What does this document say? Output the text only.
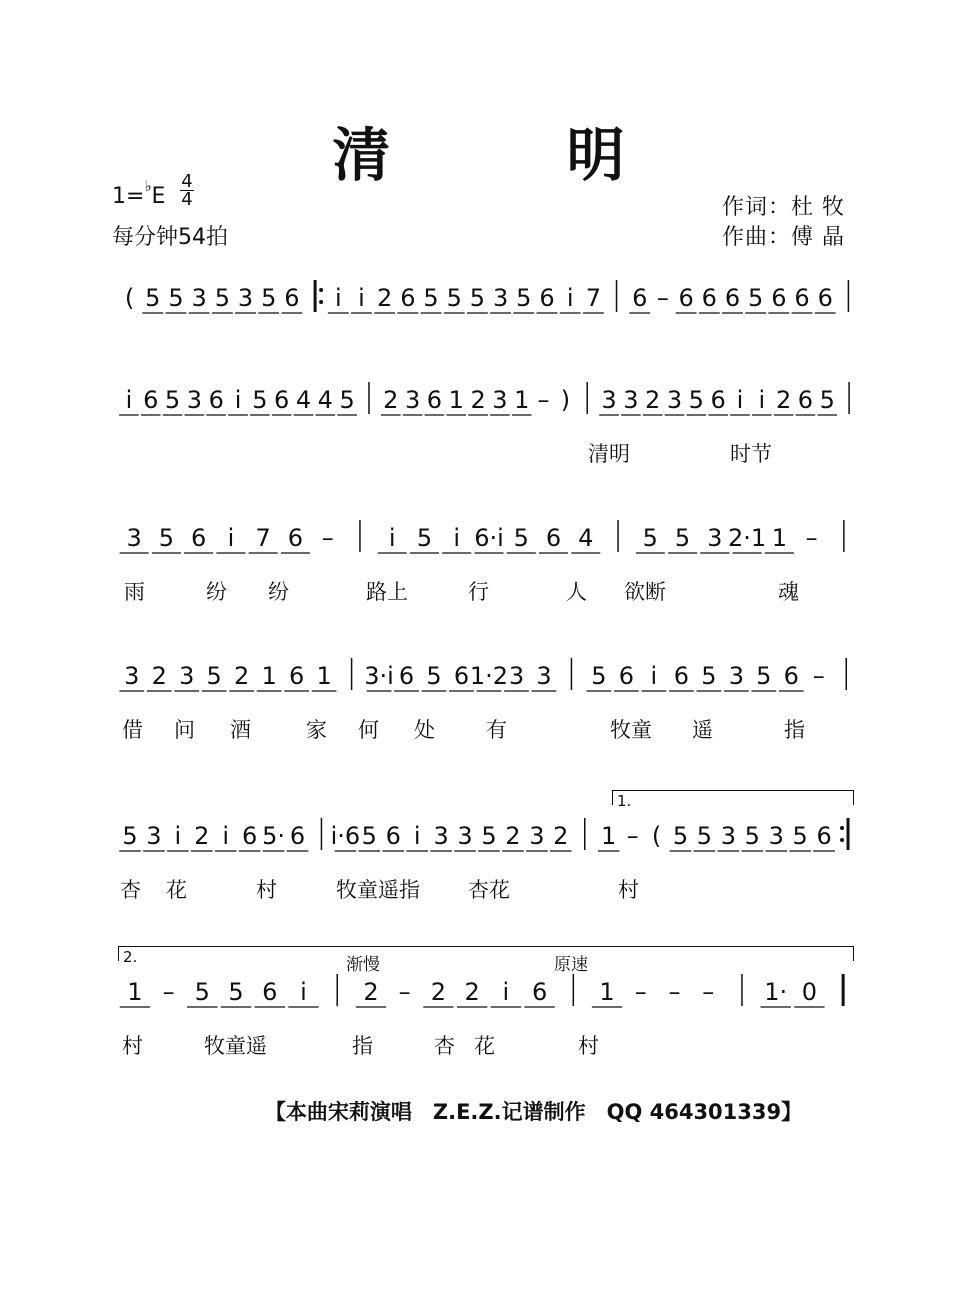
清 明
1=♭E
4
4
每分钟54拍
作词：杜 牧
作曲：傅 晶
( 5 5 3 5 3 5 6 i i 2 6 5 5 5 3 5 6 i 7 6 – 6 6 6 5 6 6 6
i 6 5 3 6 i 5 6 4 4 5 2 3 6 1 2 3 1 – ) 3 3 2 3 5 6 i i 2 6 5
清明	时节
3 5 6 i 7 6 – i 5 i 6·i 5 6 4 5 5 3 2·1 1 –
雨	纷 纷	路上	行	人 欲断	魂
3 2 3 5 2 1 6 1 3·i 6 5 6 1·2 3 3 5 6 i 6 5 3 5 6 –
借 问 酒	家 何 处 有	牧童 遥	指
5 3 i 2 i 6 5· 6 i·6 5 6 i 3 3 5 2 3 2 1 – ( 5 5 3 5 3 5 6
杏 花	村	牧童遥指 杏花	村
1 – 5 5 6 i 2 – 2 2 i 6 1 – – – 1· 0
村	牧童遥	指	杏 花	村
1.
2.	渐慢	原速
【本曲宋莉演唱　Z.E.Z.记谱制作　QQ 464301339】
